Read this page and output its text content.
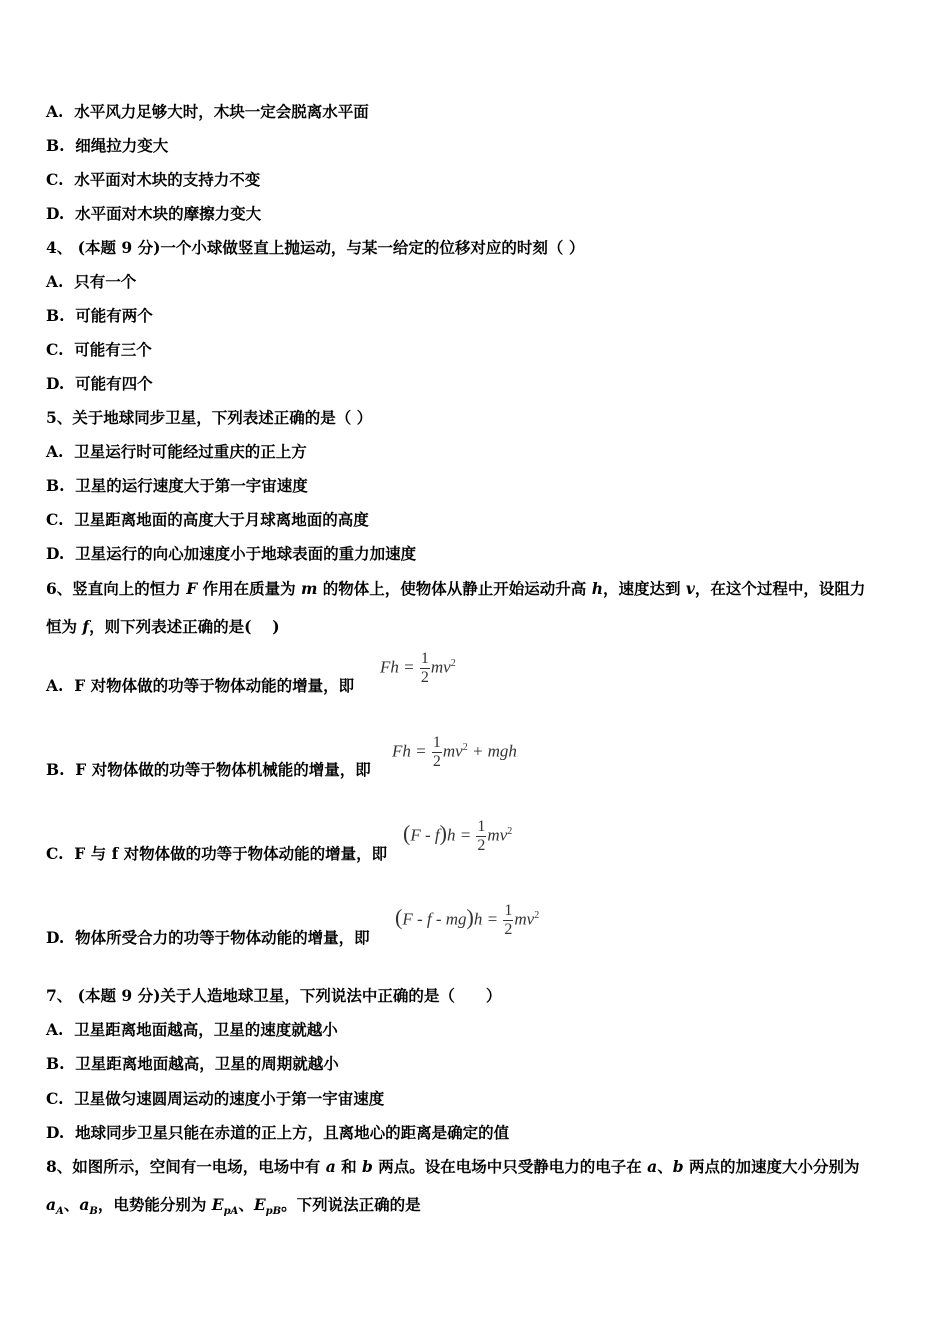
A. 水平风力足够大时，木块一定会脱离水平面
B. 细绳拉力变大
C. 水平面对木块的支持力不变
D. 水平面对木块的摩擦力变大
4、 (本题 9 分)一个小球做竖直上抛运动，与某一给定的位移对应的时刻（ ）
A. 只有一个
B. 可能有两个
C. 可能有三个
D. 可能有四个
5、关于地球同步卫星，下列表述正确的是（ ）
A. 卫星运行时可能经过重庆的正上方
B. 卫星的运行速度大于第一宇宙速度
C. 卫星距离地面的高度大于月球离地面的高度
D. 卫星运行的向心加速度小于地球表面的重力加速度
6、竖直向上的恒力 F 作用在质量为 m 的物体上，使物体从静止开始运动升高 h，速度达到 v，在这个过程中，设阻力
恒为 f，则下列表述正确的是(　 )
A. F 对物体做的功等于物体动能的增量，即
$Fh = \frac{1}{2} mv^2$
B. F 对物体做的功等于物体机械能的增量，即
$Fh = \frac{1}{2} mv^2$ + mgh
C. F 与 f 对物体做的功等于物体动能的增量，即
$(F - f)h = \frac{1}{2} mv^2$
D. 物体所受合力的功等于物体动能的增量，即
$(F - f - mg)h = \frac{1}{2} mv^2$
7、 (本题 9 分)关于人造地球卫星，下列说法中正确的是（　　）
A. 卫星距离地面越高，卫星的速度就越小
B. 卫星距离地面越高，卫星的周期就越小
C. 卫星做匀速圆周运动的速度小于第一宇宙速度
D. 地球同步卫星只能在赤道的正上方，且离地心的距离是确定的值
8、如图所示，空间有一电场，电场中有 a 和 b 两点。设在电场中只受静电力的电子在 a、b 两点的加速度大小分别为
$a_A$、$a_B$，电势能分别为 $E_{pA}$、$E_{pB}$。下列说法正确的是
